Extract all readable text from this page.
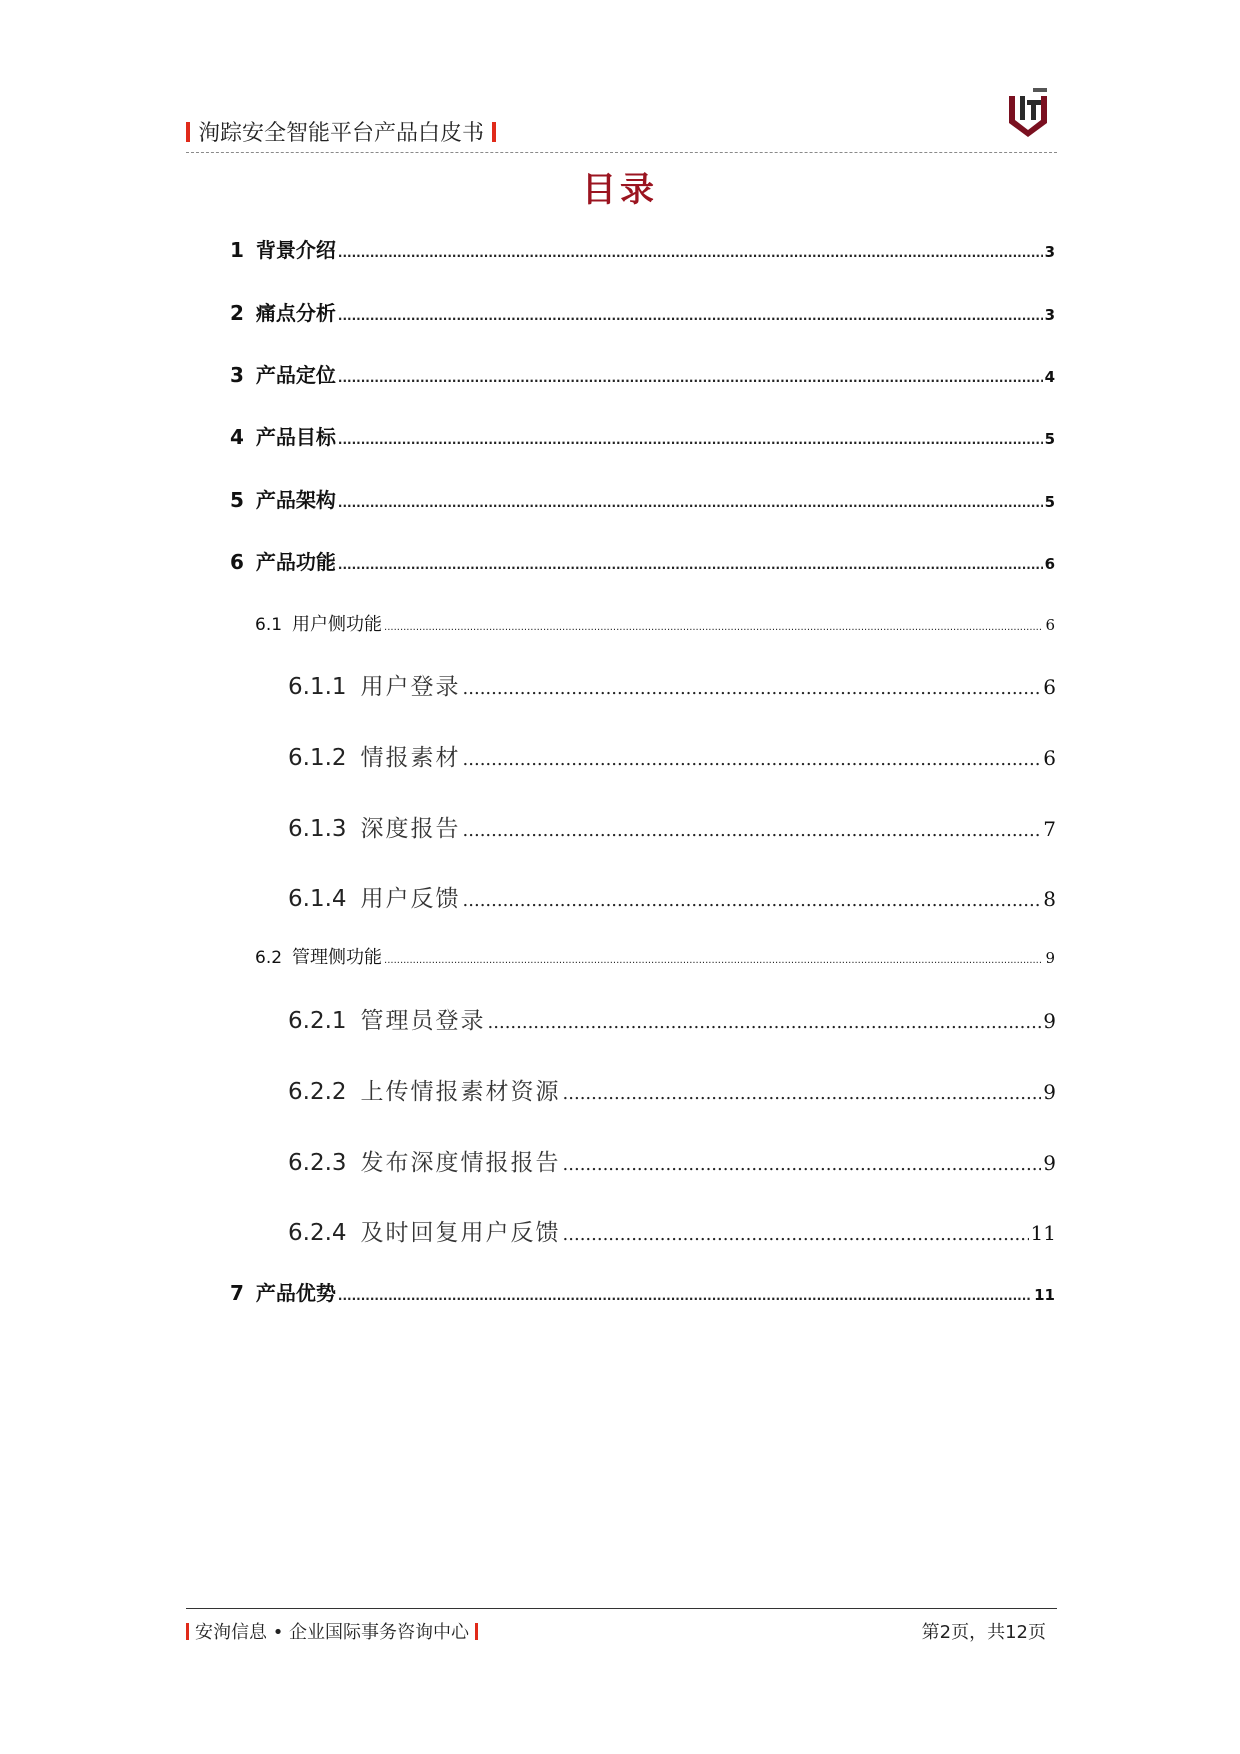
洵踪安全智能平台产品白皮书
目录
1 背景介绍 .....	3
2 痛点分析 .....	3
3 产品定位 .....	4
4 产品目标 .....	5
5 产品架构 .....	5
6 产品功能 .....	6
6.1 用户侧功能 .....	6
6.1.1 用户登录 .....	6
6.1.2 情报素材 .....	6
6.1.3 深度报告 .....	7
6.1.4 用户反馈 .....	8
6.2 管理侧功能 .....	9
6.2.1 管理员登录 .....	9
6.2.2 上传情报素材资源 .....	9
6.2.3 发布深度情报报告 .....	9
6.2.4 及时回复用户反馈 .....	11
7 产品优势 .....	11
安洵信息 • 企业国际事务咨询中心	第2页，共12页
